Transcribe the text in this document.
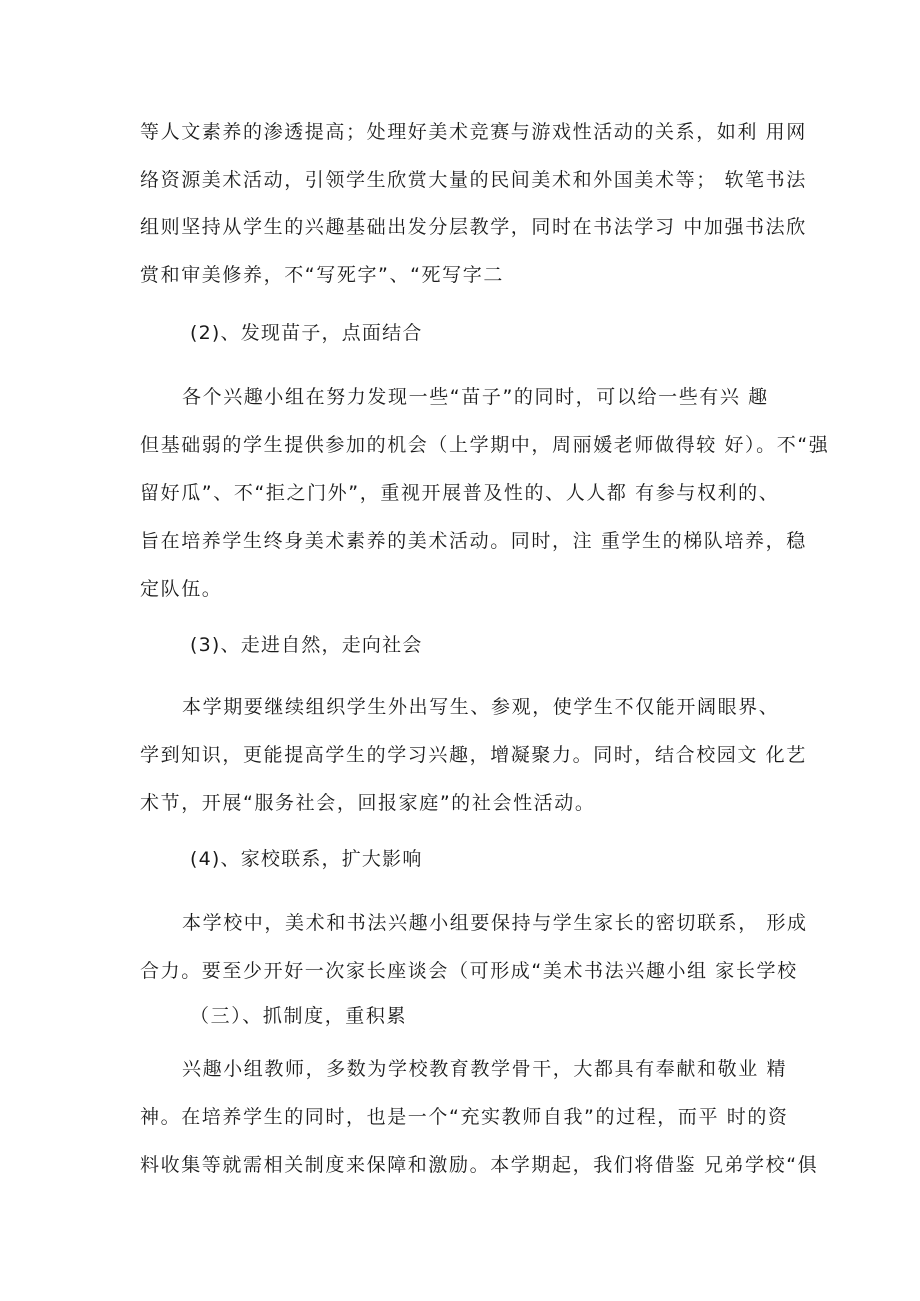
等人文素养的渗透提高；处理好美术竞赛与游戏性活动的关系，如利 用网
络资源美术活动，引领学生欣赏大量的民间美术和外国美术等； 软笔书法
组则坚持从学生的兴趣基础出发分层教学，同时在书法学习 中加强书法欣
赏和审美修养，不“写死字”、“死写字二
(2)、发现苗子，点面结合
各个兴趣小组在努力发现一些“苗子”的同时，可以给一些有兴 趣
但基础弱的学生提供参加的机会（上学期中，周丽媛老师做得较 好）。不“强
留好瓜”、不“拒之门外”，重视开展普及性的、人人都 有参与权利的、
旨在培养学生终身美术素养的美术活动。同时，注 重学生的梯队培养，稳
定队伍。
(3)、走进自然，走向社会
本学期要继续组织学生外出写生、参观，使学生不仅能开阔眼界、
学到知识，更能提高学生的学习兴趣，增凝聚力。同时，结合校园文 化艺
术节，开展“服务社会，回报家庭”的社会性活动。
(4)、家校联系，扩大影响
本学校中，美术和书法兴趣小组要保持与学生家长的密切联系， 形成
合力。要至少开好一次家长座谈会（可形成“美术书法兴趣小组 家长学校
（三）、抓制度，重积累
兴趣小组教师，多数为学校教育教学骨干，大都具有奉献和敬业 精
神。在培养学生的同时，也是一个“充实教师自我”的过程，而平 时的资
料收集等就需相关制度来保障和激励。本学期起，我们将借鉴 兄弟学校“俱
